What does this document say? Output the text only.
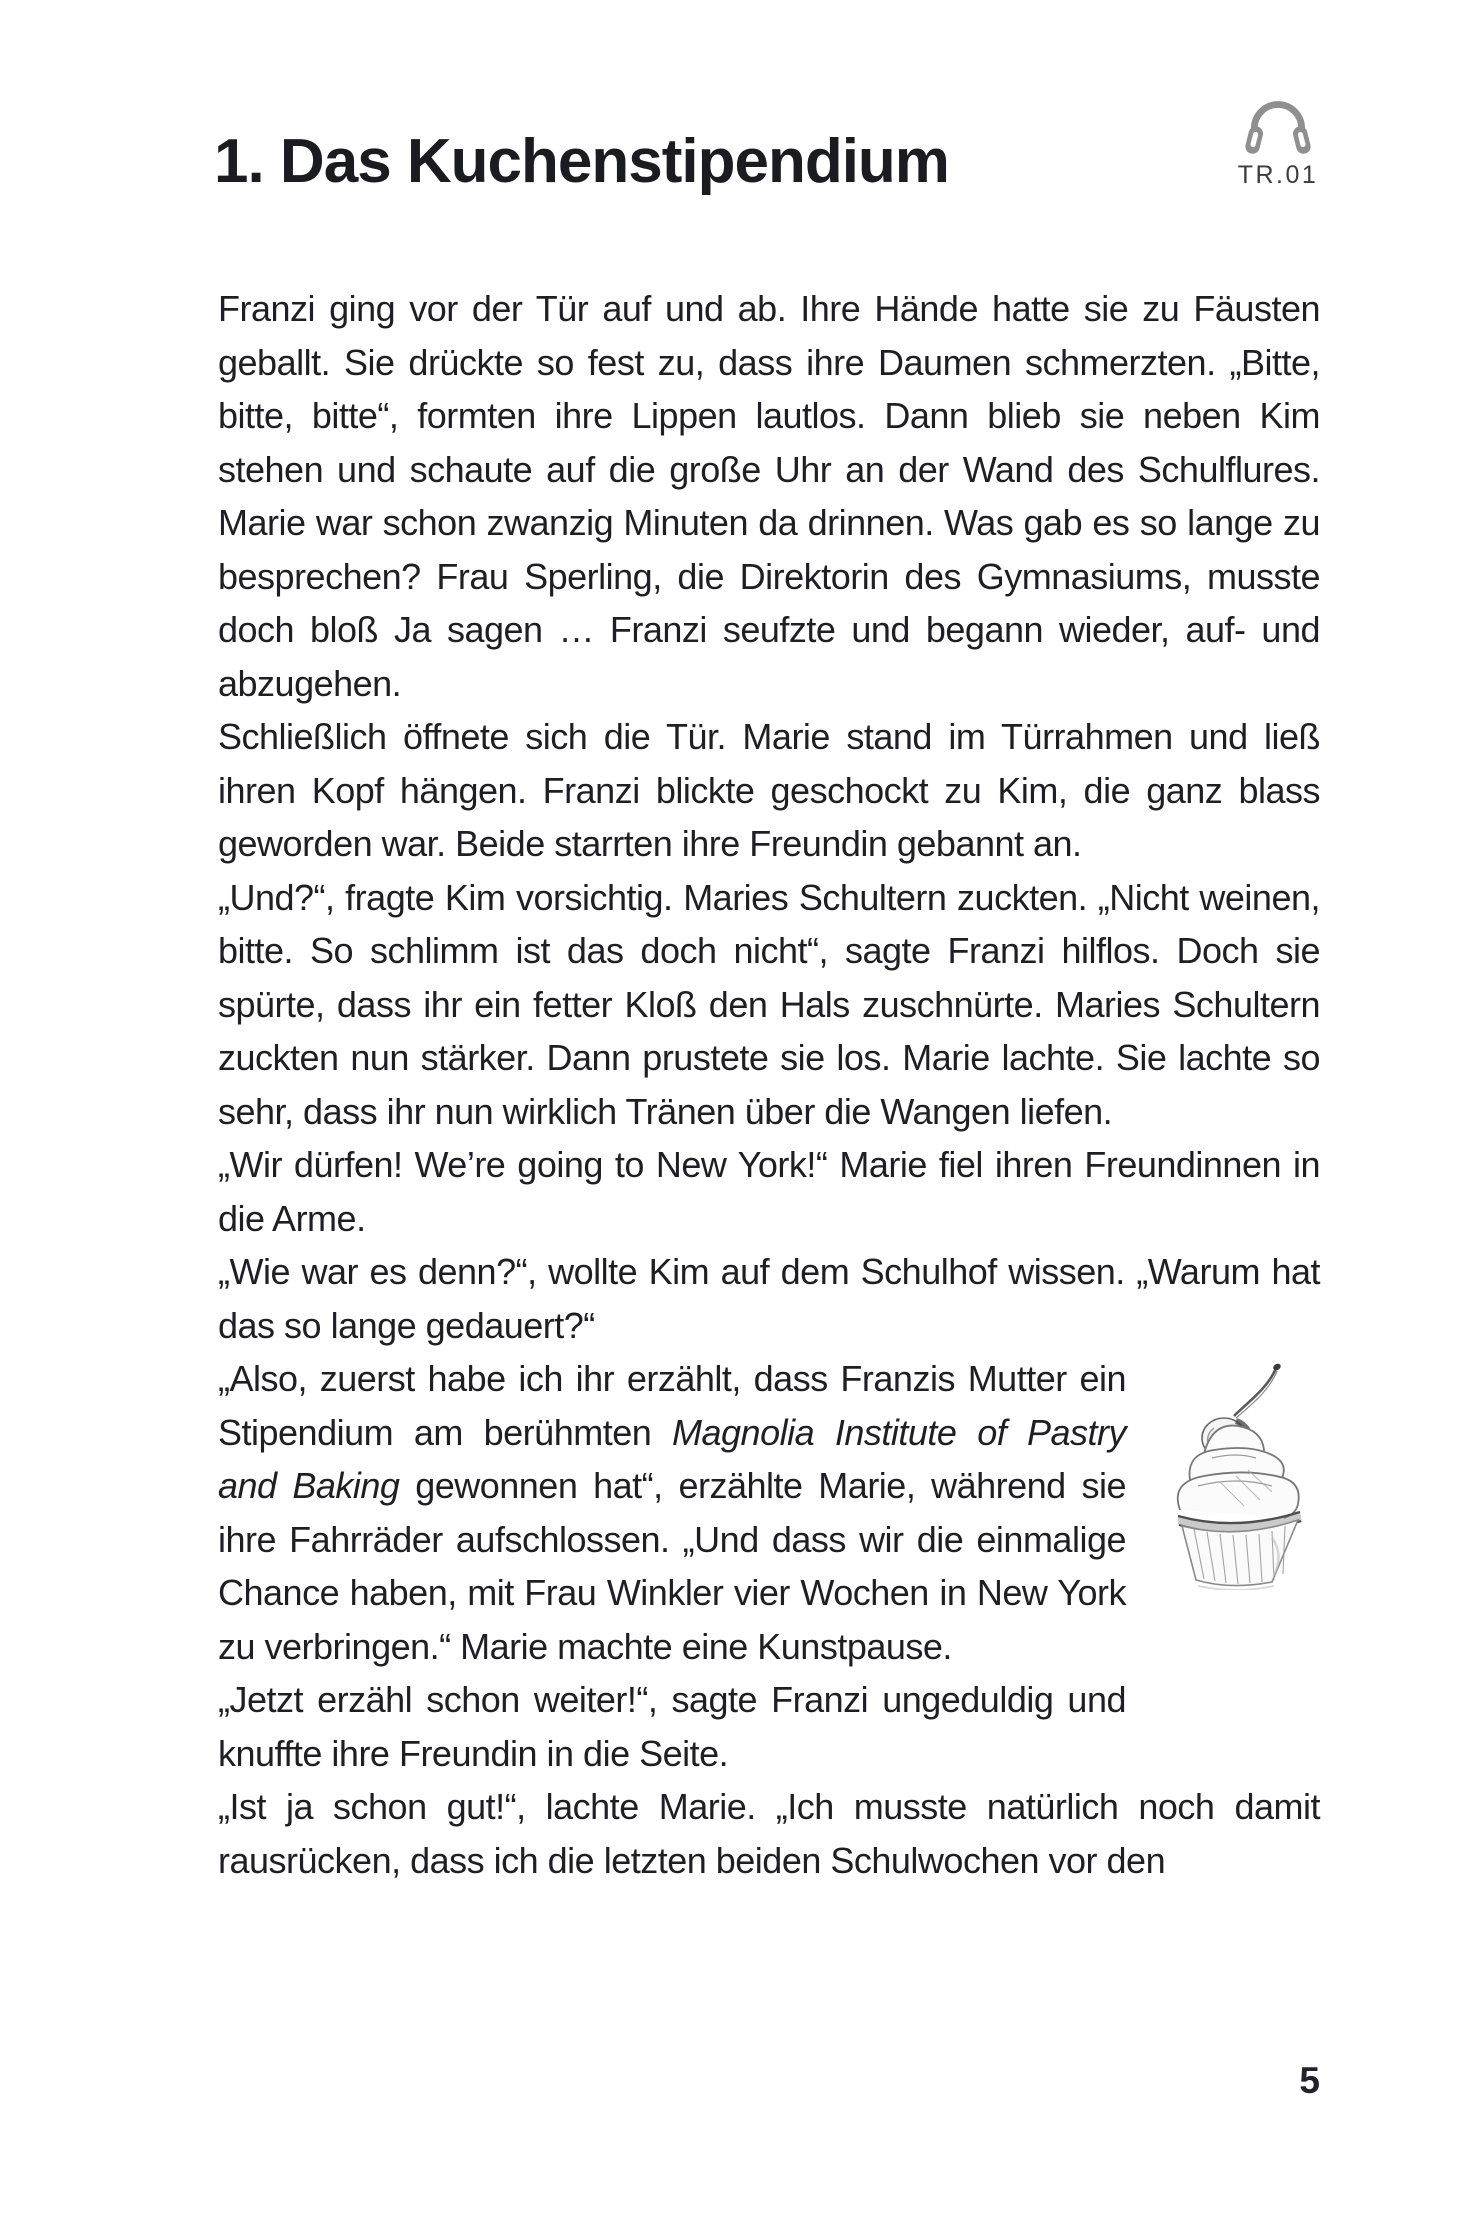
1. Das Kuchenstipendium	TR.01

Franzi ging vor der Tür auf und ab. Ihre Hände hatte sie zu Fäusten geballt. Sie drückte so fest zu, dass ihre Daumen schmerzten. „Bitte, bitte, bitte“, formten ihre Lippen lautlos. Dann blieb sie neben Kim stehen und schaute auf die große Uhr an der Wand des Schulflures. Marie war schon zwanzig Minuten da drinnen. Was gab es so lange zu besprechen? Frau Sperling, die Direktorin des Gymnasiums, musste doch bloß Ja sagen … Franzi seufzte und begann wieder, auf- und abzugehen.

Schließlich öffnete sich die Tür. Marie stand im Türrahmen und ließ ihren Kopf hängen. Franzi blickte geschockt zu Kim, die ganz blass geworden war. Beide starrten ihre Freundin gebannt an.

„Und?“, fragte Kim vorsichtig. Maries Schultern zuckten. „Nicht weinen, bitte. So schlimm ist das doch nicht“, sagte Franzi hilflos. Doch sie spürte, dass ihr ein fetter Kloß den Hals zuschnürte. Maries Schultern zuckten nun stärker. Dann prustete sie los. Marie lachte. Sie lachte so sehr, dass ihr nun wirklich Tränen über die Wangen liefen.

„Wir dürfen! We’re going to New York!“ Marie fiel ihren Freundinnen in die Arme.

„Wie war es denn?“, wollte Kim auf dem Schulhof wissen. „Warum hat das so lange gedauert?“

„Also, zuerst habe ich ihr erzählt, dass Franzis Mutter ein Stipendium am berühmten Magnolia Institute of Pastry and Baking gewonnen hat“, erzählte Marie, während sie ihre Fahrräder aufschlossen. „Und dass wir die einmalige Chance haben, mit Frau Winkler vier Wochen in New York zu verbringen.“ Marie machte eine Kunstpause.

„Jetzt erzähl schon weiter!“, sagte Franzi ungeduldig und knuffte ihre Freundin in die Seite.

„Ist ja schon gut!“, lachte Marie. „Ich musste natürlich noch damit rausrücken, dass ich die letzten beiden Schulwochen vor den

5
